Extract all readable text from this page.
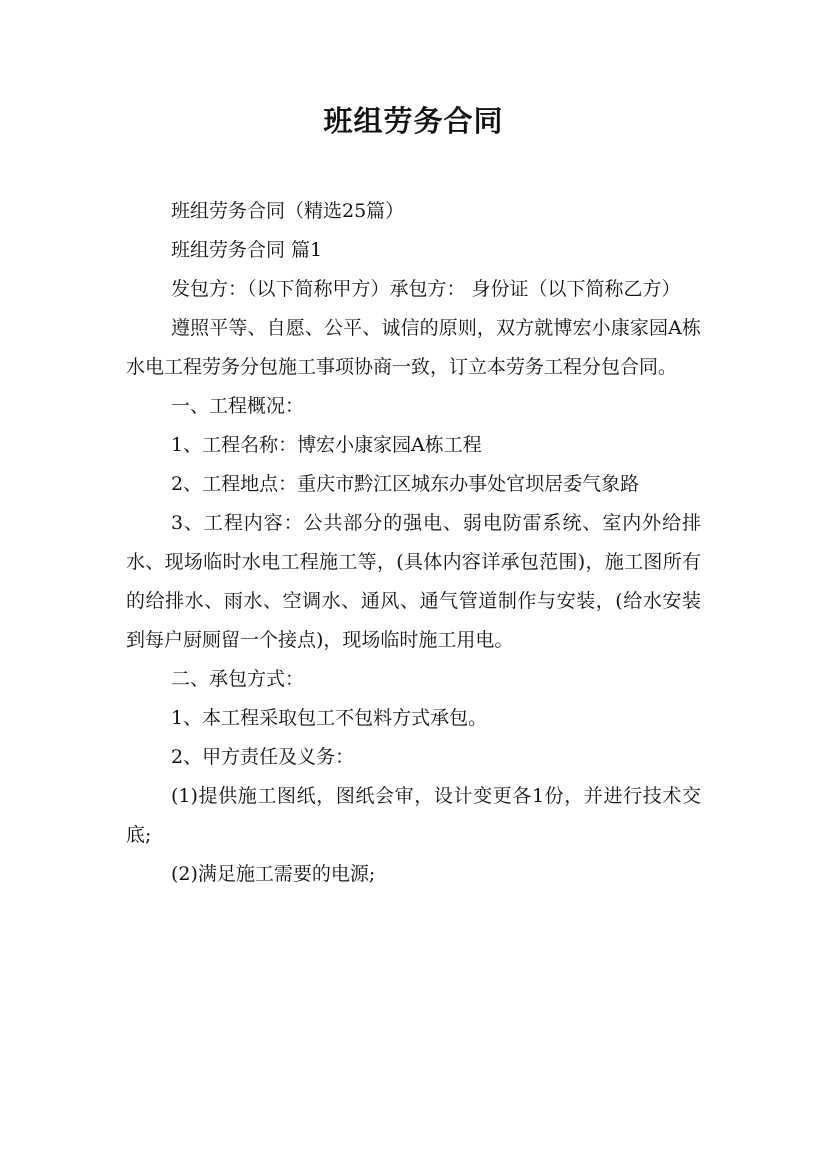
班组劳务合同

班组劳务合同（精选25篇）

班组劳务合同 篇1

发包方：（以下简称甲方）承包方： 身份证（以下简称乙方）

遵照平等、自愿、公平、诚信的原则，双方就博宏小康家园A栋水电工程劳务分包施工事项协商一致，订立本劳务工程分包合同。

一、工程概况：

1、工程名称：博宏小康家园A栋工程

2、工程地点：重庆市黔江区城东办事处官坝居委气象路

3、工程内容：公共部分的强电、弱电防雷系统、室内外给排水、现场临时水电工程施工等，(具体内容详承包范围)，施工图所有的给排水、雨水、空调水、通风、通气管道制作与安装，(给水安装到每户厨厕留一个接点)，现场临时施工用电。

二、承包方式：

1、本工程采取包工不包料方式承包。

2、甲方责任及义务：

(1)提供施工图纸，图纸会审，设计变更各1份，并进行技术交底;

(2)满足施工需要的电源;
